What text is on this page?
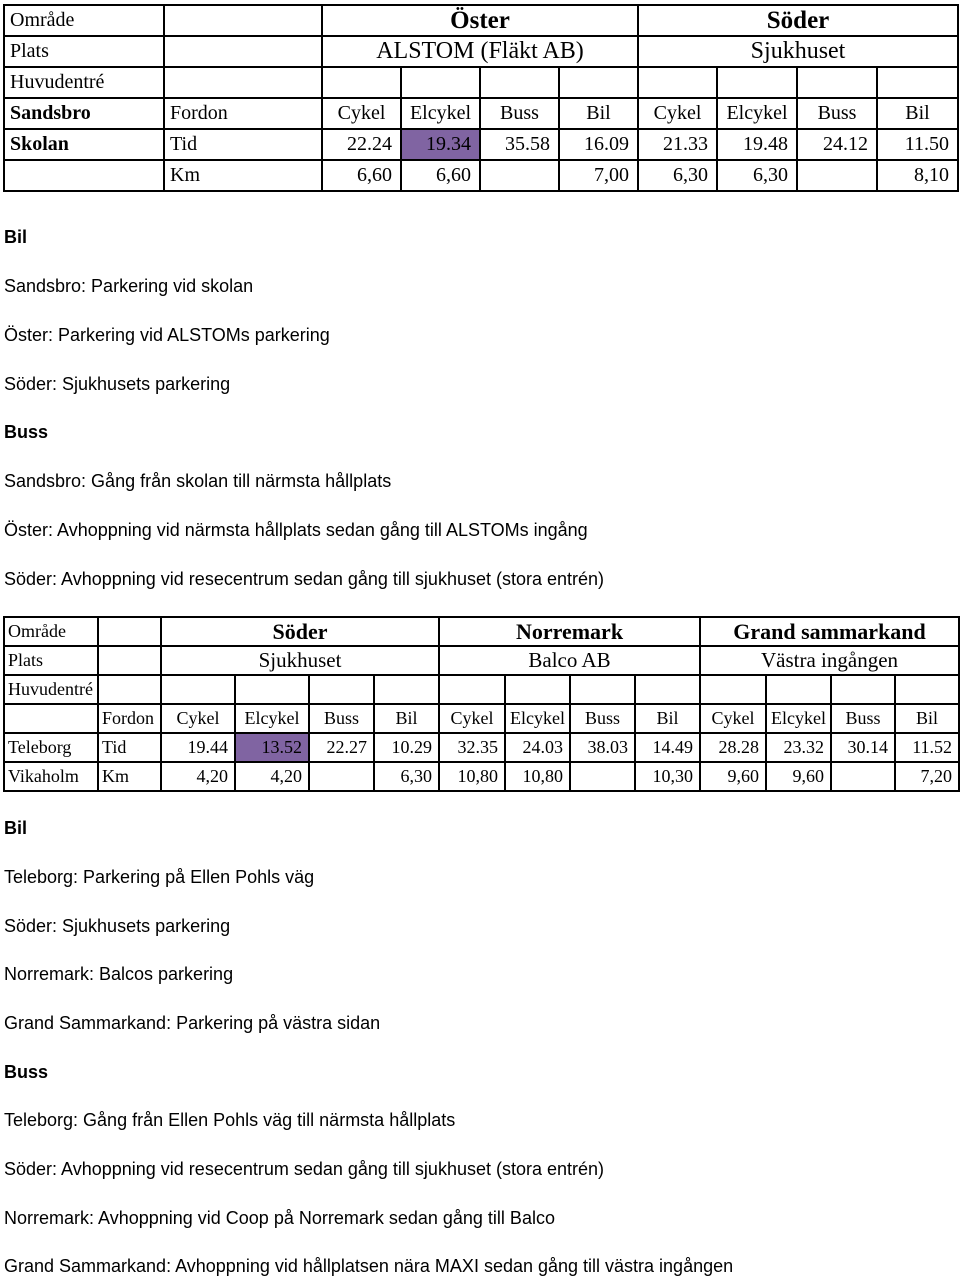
Område		Öster				Söder			
Plats		ALSTOM (Fläkt AB)				Sjukhuset			
Huvudentré									
Sandsbro	Fordon	Cykel	Elcykel	Buss	Bil	Cykel	Elcykel	Buss	Bil
Skolan	Tid	22.24	19.34	35.58	16.09	21.33	19.48	24.12	11.50
	Km	6,60	6,60		7,00	6,30	6,30		8,10
Bil
Sandsbro: Parkering vid skolan
Öster: Parkering vid ALSTOMs parkering
Söder: Sjukhusets parkering
Buss
Sandsbro: Gång från skolan till närmsta hållplats
Öster: Avhoppning vid närmsta hållplats sedan gång till ALSTOMs ingång
Söder: Avhoppning vid resecentrum sedan gång till sjukhuset (stora entrén)
Område		Söder				Norremark				Grand sammarkand			
Plats		Sjukhuset				Balco AB				Västra ingången			
Huvudentré													
	Fordon	Cykel	Elcykel	Buss	Bil	Cykel	Elcykel	Buss	Bil	Cykel	Elcykel	Buss	Bil
Teleborg	Tid	19.44	13.52	22.27	10.29	32.35	24.03	38.03	14.49	28.28	23.32	30.14	11.52
Vikaholm	Km	4,20	4,20		6,30	10,80	10,80		10,30	9,60	9,60		7,20
Bil
Teleborg: Parkering på Ellen Pohls väg
Söder: Sjukhusets parkering
Norremark: Balcos parkering
Grand Sammarkand: Parkering på västra sidan
Buss
Teleborg: Gång från Ellen Pohls väg till närmsta hållplats
Söder: Avhoppning vid resecentrum sedan gång till sjukhuset (stora entrén)
Norremark: Avhoppning vid Coop på Norremark sedan gång till Balco
Grand Sammarkand: Avhoppning vid hållplatsen nära MAXI sedan gång till västra ingången
